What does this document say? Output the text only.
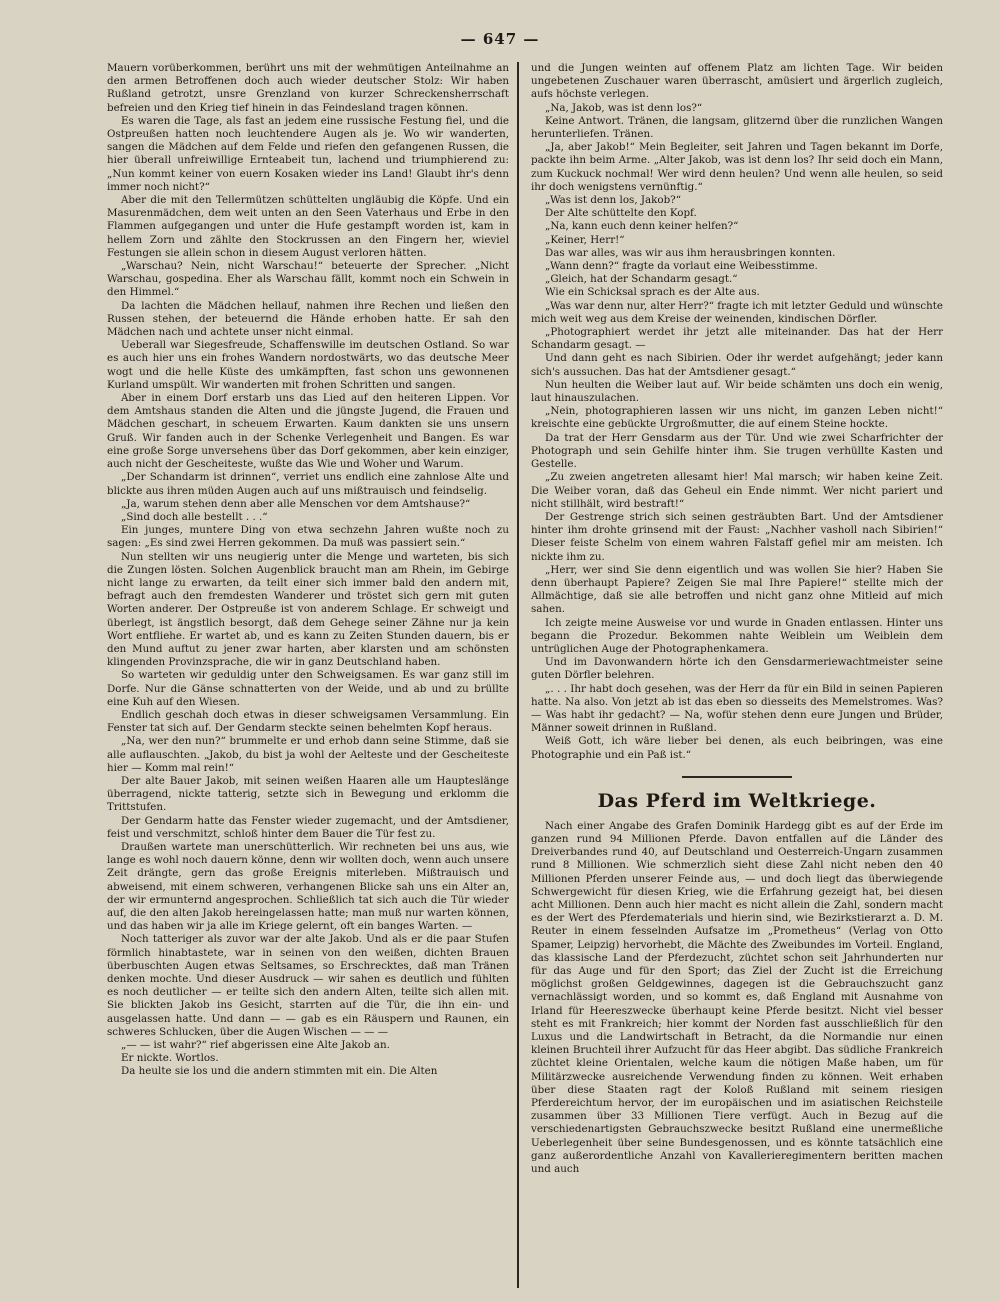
— 647 —

Mauern vorüberkommen, berührt uns mit der wehmütigen Anteilnahme an den armen Betroffenen doch auch wieder deutscher Stolz: Wir haben Rußland getrotzt, unsre Grenzland von kurzer Schreckensherrschaft befreien und den Krieg tief hinein in das Feindesland tragen können.

Es waren die Tage, als fast an jedem eine russische Festung fiel, und die Ostpreußen hatten noch leuchtendere Augen als je. Wo wir wanderten, sangen die Mädchen auf dem Felde und riefen den gefangenen Russen, die hier überall unfreiwillige Ernteabeit tun, lachend und triumphierend zu: „Nun kommt keiner von euern Kosaken wieder ins Land! Glaubt ihr's denn immer noch nicht?“

Aber die mit den Tellermützen schüttelten ungläubig die Köpfe. Und ein Masurenmädchen, dem weit unten an den Seen Vaterhaus und Erbe in den Flammen aufgegangen und unter die Hufe gestampft worden ist, kam in hellem Zorn und zählte den Stockrussen an den Fingern her, wieviel Festungen sie allein schon in diesem August verloren hätten.

„Warschau? Nein, nicht Warschau!“ beteuerte der Sprecher. „Nicht Warschau, gospedina. Eher als Warschau fällt, kommt noch ein Schwein in den Himmel.“

Da lachten die Mädchen hellauf, nahmen ihre Rechen und ließen den Russen stehen, der beteuernd die Hände erhoben hatte. Er sah den Mädchen nach und achtete unser nicht einmal.

Ueberall war Siegesfreude, Schaffenswille im deutschen Ostland. So war es auch hier uns ein frohes Wandern nordostwärts, wo das deutsche Meer wogt und die helle Küste des umkämpften, fast schon uns gewonnenen Kurland umspült. Wir wanderten mit frohen Schritten und sangen.

Aber in einem Dorf erstarb uns das Lied auf den heiteren Lippen. Vor dem Amtshaus standen die Alten und die jüngste Jugend, die Frauen und Mädchen geschart, in scheuem Erwarten. Kaum dankten sie uns unsern Gruß. Wir fanden auch in der Schenke Verlegenheit und Bangen. Es war eine große Sorge unversehens über das Dorf gekommen, aber kein einziger, auch nicht der Gescheiteste, wußte das Wie und Woher und Warum.

„Der Schandarm ist drinnen“, verriet uns endlich eine zahnlose Alte und blickte aus ihren müden Augen auch auf uns mißtrauisch und feindselig.

„Ja, warum stehen denn aber alle Menschen vor dem Amtshause?“

„Sind doch alle bestellt . . .“

Ein junges, muntere Ding von etwa sechzehn Jahren wußte noch zu sagen: „Es sind zwei Herren gekommen. Da muß was passiert sein.“

Nun stellten wir uns neugierig unter die Menge und warteten, bis sich die Zungen lösten. Solchen Augenblick braucht man am Rhein, im Gebirge nicht lange zu erwarten, da teilt einer sich immer bald den andern mit, befragt auch den fremdesten Wanderer und tröstet sich gern mit guten Worten anderer. Der Ostpreuße ist von anderem Schlage. Er schweigt und überlegt, ist ängstlich besorgt, daß dem Gehege seiner Zähne nur ja kein Wort entfliehe. Er wartet ab, und es kann zu Zeiten Stunden dauern, bis er den Mund auftut zu jener zwar harten, aber klarsten und am schönsten klingenden Provinzsprache, die wir in ganz Deutschland haben.

So warteten wir geduldig unter den Schweigsamen. Es war ganz still im Dorfe. Nur die Gänse schnatterten von der Weide, und ab und zu brüllte eine Kuh auf den Wiesen.

Endlich geschah doch etwas in dieser schweigsamen Versammlung. Ein Fenster tat sich auf. Der Gendarm steckte seinen behelmten Kopf heraus.

„Na, wer den nun?“ brummelte er und erhob dann seine Stimme, daß sie alle auflauschten. „Jakob, du bist ja wohl der Aelteste und der Gescheiteste hier — Komm mal rein!“

Der alte Bauer Jakob, mit seinen weißen Haaren alle um Haupteslänge überragend, nickte tatterig, setzte sich in Bewegung und erklomm die Trittstufen.

Der Gendarm hatte das Fenster wieder zugemacht, und der Amtsdiener, feist und verschmitzt, schloß hinter dem Bauer die Tür fest zu.

Draußen wartete man unerschütterlich. Wir rechneten bei uns aus, wie lange es wohl noch dauern könne, denn wir wollten doch, wenn auch unsere Zeit drängte, gern das große Ereignis miterleben. Mißtrauisch und abweisend, mit einem schweren, verhangenen Blicke sah uns ein Alter an, der wir ermunternd angesprochen. Schließlich tat sich auch die Tür wieder auf, die den alten Jakob hereingelassen hatte; man muß nur warten können, und das haben wir ja alle im Kriege gelernt, oft ein banges Warten. —

Noch tatteriger als zuvor war der alte Jakob. Und als er die paar Stufen förmlich hinabtastete, war in seinen von den weißen, dichten Brauen überbuschten Augen etwas Seltsames, so Erschrecktes, daß man Tränen denken mochte. Und dieser Ausdruck — wir sahen es deutlich und fühlten es noch deutlicher — er teilte sich den andern Alten, teilte sich allen mit. Sie blickten Jakob ins Gesicht, starrten auf die Tür, die ihn ein- und ausgelassen hatte. Und dann — — gab es ein Räuspern und Raunen, ein schweres Schlucken, über die Augen Wischen — — —

„— — ist wahr?“ rief abgerissen eine Alte Jakob an.

Er nickte. Wortlos.

Da heulte sie los und die andern stimmten mit ein. Die Alten

und die Jungen weinten auf offenem Platz am lichten Tage. Wir beiden ungebetenen Zuschauer waren überrascht, amüsiert und ärgerlich zugleich, aufs höchste verlegen.

„Na, Jakob, was ist denn los?“

Keine Antwort. Tränen, die langsam, glitzernd über die runzlichen Wangen herunterliefen. Tränen.

„Ja, aber Jakob!“ Mein Begleiter, seit Jahren und Tagen bekannt im Dorfe, packte ihn beim Arme. „Alter Jakob, was ist denn los? Ihr seid doch ein Mann, zum Kuckuck nochmal! Wer wird denn heulen? Und wenn alle heulen, so seid ihr doch wenigstens vernünftig.“

„Was ist denn los, Jakob?“

Der Alte schüttelte den Kopf.

„Na, kann euch denn keiner helfen?“

„Keiner, Herr!“

Das war alles, was wir aus ihm herausbringen konnten.

„Wann denn?“ fragte da vorlaut eine Weibesstimme.

„Gleich, hat der Schandarm gesagt.“

Wie ein Schicksal sprach es der Alte aus.

„Was war denn nur, alter Herr?“ fragte ich mit letzter Geduld und wünschte mich weit weg aus dem Kreise der weinenden, kindischen Dörfler.

„Photographiert werdet ihr jetzt alle miteinander. Das hat der Herr Schandarm gesagt. —

Und dann geht es nach Sibirien. Oder ihr werdet aufgehängt; jeder kann sich's aussuchen. Das hat der Amtsdiener gesagt.“

Nun heulten die Weiber laut auf. Wir beide schämten uns doch ein wenig, laut hinauszulachen.

„Nein, photographieren lassen wir uns nicht, im ganzen Leben nicht!“ kreischte eine gebückte Urgroßmutter, die auf einem Steine hockte.

Da trat der Herr Gensdarm aus der Tür. Und wie zwei Scharfrichter der Photograph und sein Gehilfe hinter ihm. Sie trugen verhüllte Kasten und Gestelle.

„Zu zweien angetreten allesamt hier! Mal marsch; wir haben keine Zeit. Die Weiber voran, daß das Geheul ein Ende nimmt. Wer nicht pariert und nicht stillhält, wird bestraft!“

Der Gestrenge strich sich seinen gesträubten Bart. Und der Amtsdiener hinter ihm drohte grinsend mit der Faust: „Nachher vasholl nach Sibirien!“ Dieser feiste Schelm von einem wahren Falstaff gefiel mir am meisten. Ich nickte ihm zu.

„Herr, wer sind Sie denn eigentlich und was wollen Sie hier? Haben Sie denn überhaupt Papiere? Zeigen Sie mal Ihre Papiere!“ stellte mich der Allmächtige, daß sie alle betroffen und nicht ganz ohne Mitleid auf mich sahen.

Ich zeigte meine Ausweise vor und wurde in Gnaden entlassen. Hinter uns begann die Prozedur. Bekommen nahte Weiblein um Weiblein dem untrüglichen Auge der Photographenkamera.

Und im Davonwandern hörte ich den Gensdarmeriewachtmeister seine guten Dörfler belehren.

„. . . Ihr habt doch gesehen, was der Herr da für ein Bild in seinen Papieren hatte. Na also. Von jetzt ab ist das eben so diesseits des Memelstromes. Was? — Was habt ihr gedacht? — Na, wofür stehen denn eure Jungen und Brüder, Männer soweit drinnen in Rußland.

Weiß Gott, ich wäre lieber bei denen, als euch beibringen, was eine Photographie und ein Paß ist.“

Das Pferd im Weltkriege.

Nach einer Angabe des Grafen Dominik Hardegg gibt es auf der Erde im ganzen rund 94 Millionen Pferde. Davon entfallen auf die Länder des Dreiverbandes rund 40, auf Deutschland und Oesterreich-Ungarn zusammen rund 8 Millionen. Wie schmerzlich sieht diese Zahl nicht neben den 40 Millionen Pferden unserer Feinde aus, — und doch liegt das überwiegende Schwergewicht für diesen Krieg, wie die Erfahrung gezeigt hat, bei diesen acht Millionen. Denn auch hier macht es nicht allein die Zahl, sondern macht es der Wert des Pferdematerials und hierin sind, wie Bezirkstierarzt a. D. M. Reuter in einem fesselnden Aufsatze im „Prometheus“ (Verlag von Otto Spamer, Leipzig) hervorhebt, die Mächte des Zweibundes im Vorteil. England, das klassische Land der Pferdezucht, züchtet schon seit Jahrhunderten nur für das Auge und für den Sport; das Ziel der Zucht ist die Erreichung möglichst großen Geldgewinnes, dagegen ist die Gebrauchszucht ganz vernachlässigt worden, und so kommt es, daß England mit Ausnahme von Irland für Heereszwecke überhaupt keine Pferde besitzt. Nicht viel besser steht es mit Frankreich; hier kommt der Norden fast ausschließlich für den Luxus und die Landwirtschaft in Betracht, da die Normandie nur einen kleinen Bruchteil ihrer Aufzucht für das Heer abgibt. Das südliche Frankreich züchtet kleine Orientalen, welche kaum die nötigen Maße haben, um für Militärzwecke ausreichende Verwendung finden zu können. Weit erhaben über diese Staaten ragt der Koloß Rußland mit seinem riesigen Pferdereichtum hervor, der im europäischen und im asiatischen Reichsteile zusammen über 33 Millionen Tiere verfügt. Auch in Bezug auf die verschiedenartigsten Gebrauchszwecke besitzt Rußland eine unermeßliche Ueberlegenheit über seine Bundesgenossen, und es könnte tatsächlich eine ganz außerordentliche Anzahl von Kavallerieregimentern beritten machen und auch
